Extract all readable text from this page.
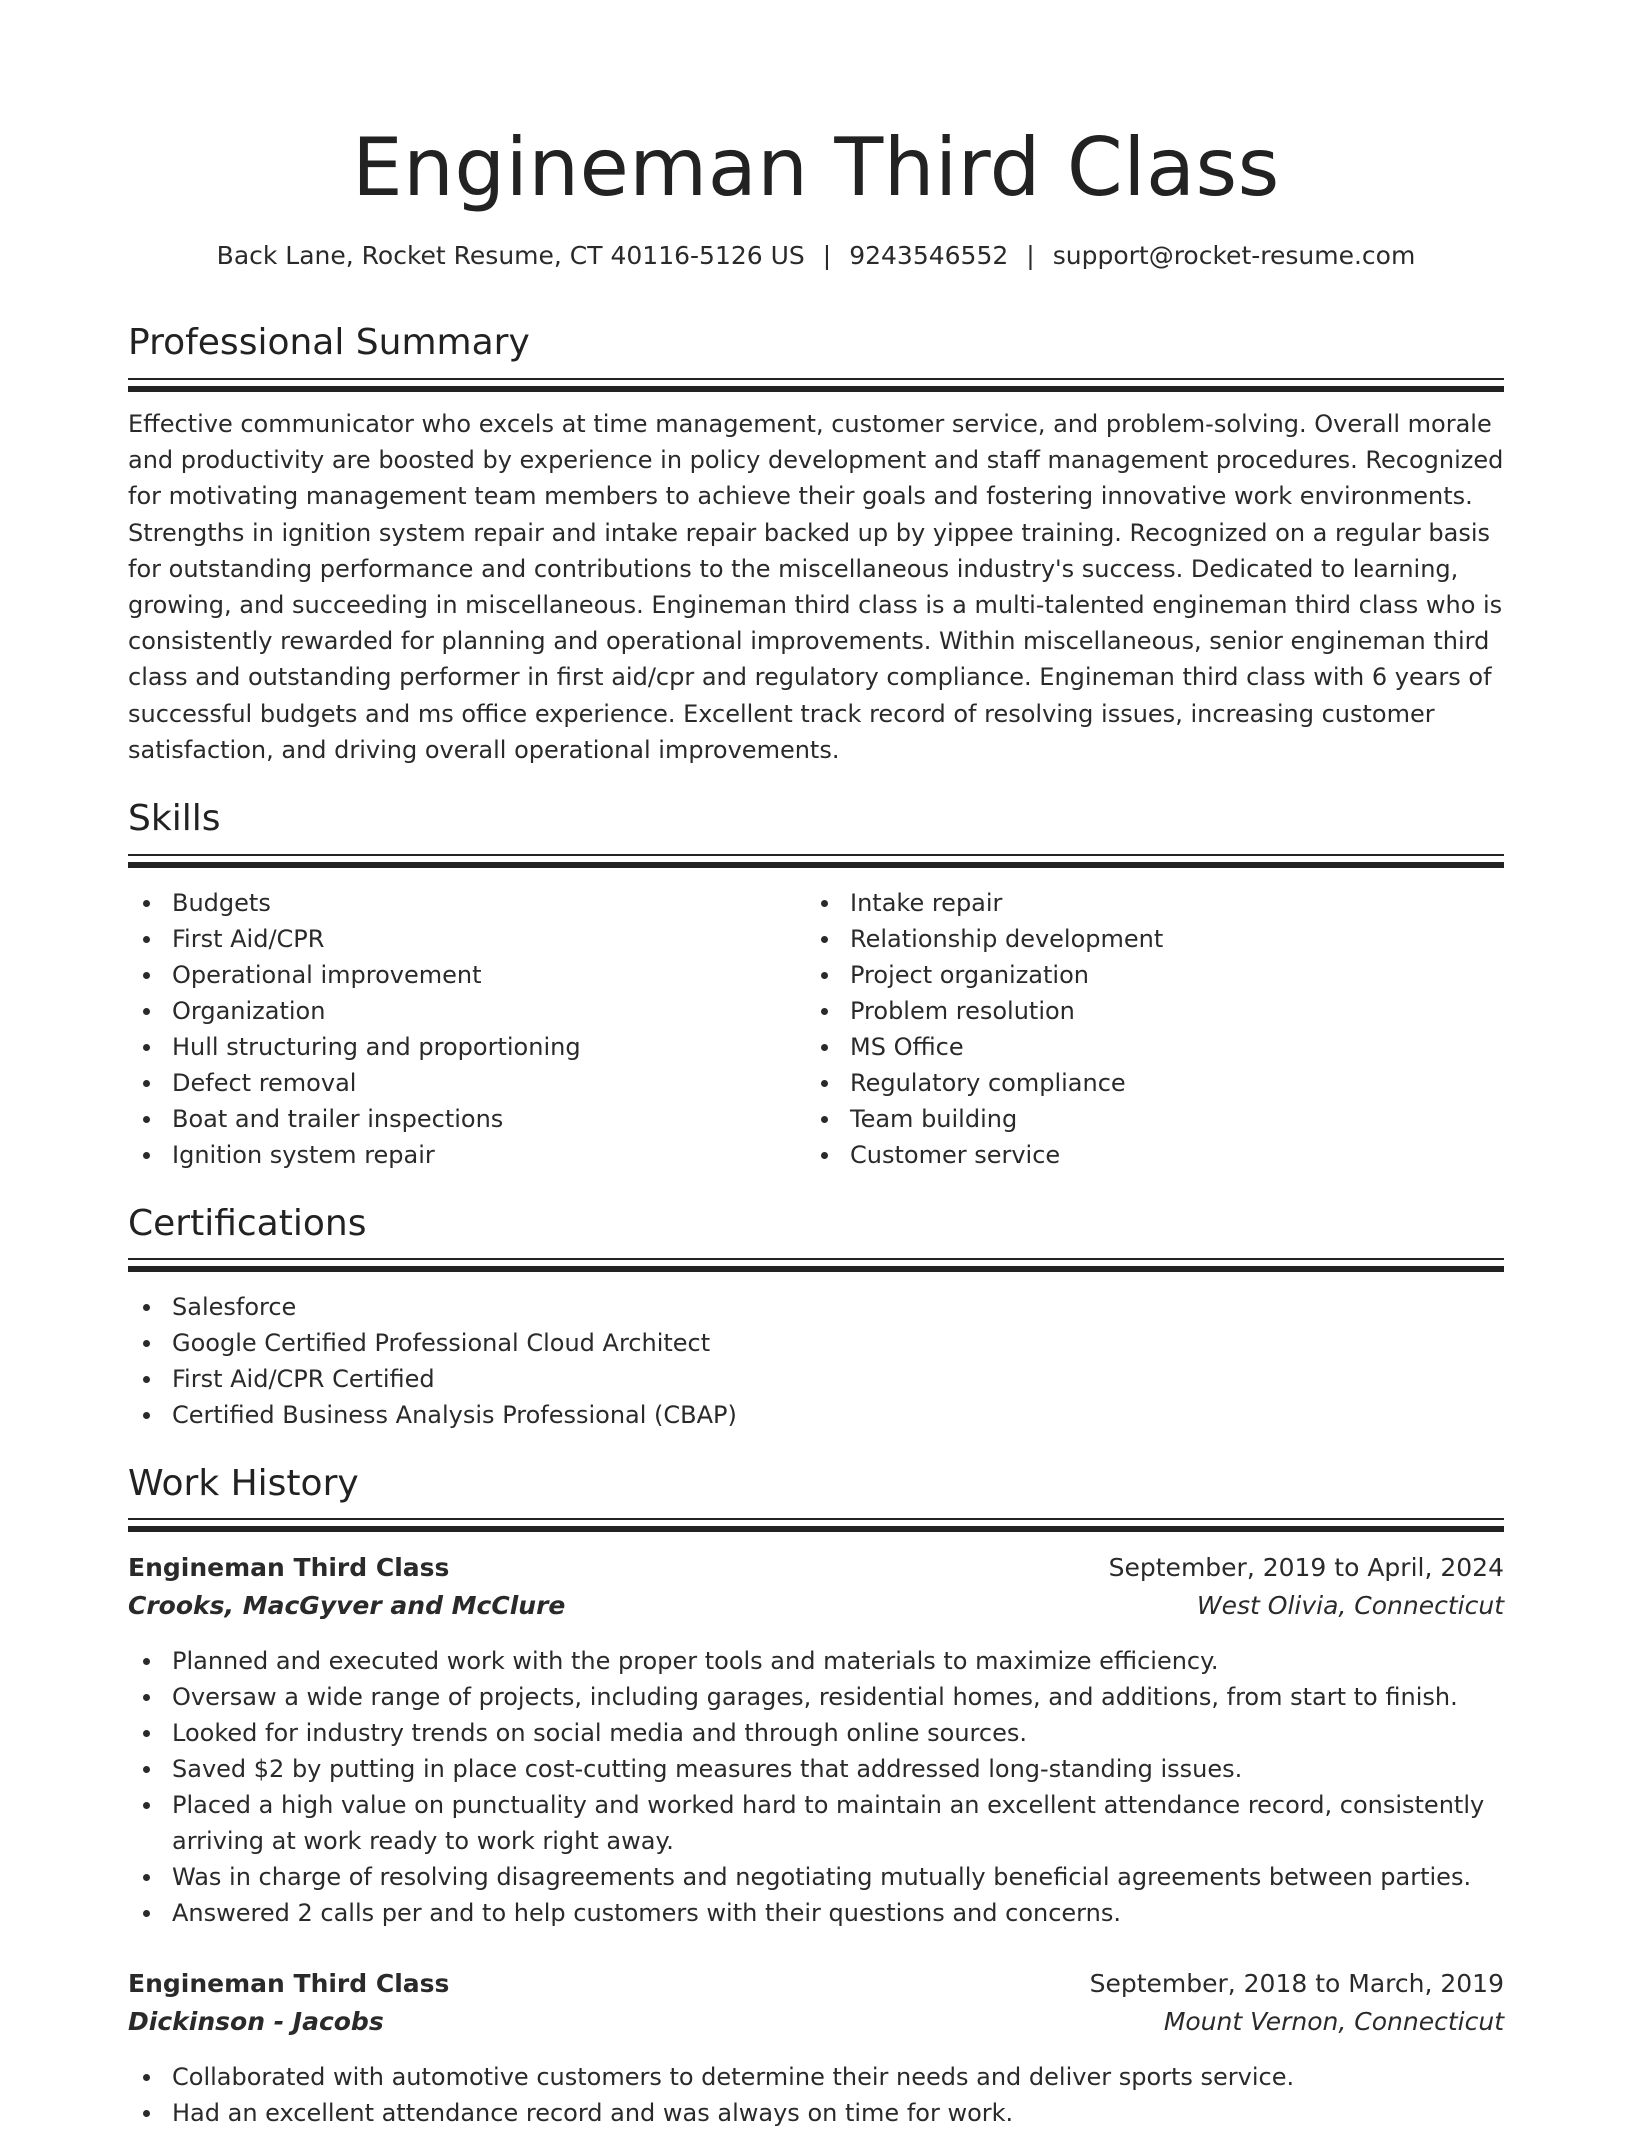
Engineman Third Class
Back Lane, Rocket Resume, CT 40116-5126 US | 9243546552 | support@rocket-resume.com
Professional Summary

Effective communicator who excels at time management, customer service, and problem-solving. Overall morale and productivity are boosted by experience in policy development and staff management procedures. Recognized for motivating management team members to achieve their goals and fostering innovative work environments. Strengths in ignition system repair and intake repair backed up by yippee training. Recognized on a regular basis for outstanding performance and contributions to the miscellaneous industry's success. Dedicated to learning, growing, and succeeding in miscellaneous. Engineman third class is a multi-talented engineman third class who is consistently rewarded for planning and operational improvements. Within miscellaneous, senior engineman third class and outstanding performer in first aid/cpr and regulatory compliance. Engineman third class with 6 years of successful budgets and ms office experience. Excellent track record of resolving issues, increasing customer satisfaction, and driving overall operational improvements.

Skills
Budgets
First Aid/CPR
Operational improvement
Organization
Hull structuring and proportioning
Defect removal
Boat and trailer inspections
Ignition system repair
Intake repair
Relationship development
Project organization
Problem resolution
MS Office
Regulatory compliance
Team building
Customer service
Certifications
Salesforce
Google Certified Professional Cloud Architect
First Aid/CPR Certified
Certified Business Analysis Professional (CBAP)
Work History
Engineman Third Class	September, 2019 to April, 2024
Crooks, MacGyver and McClure	West Olivia, Connecticut
Planned and executed work with the proper tools and materials to maximize efficiency.
Oversaw a wide range of projects, including garages, residential homes, and additions, from start to finish.
Looked for industry trends on social media and through online sources.
Saved $2 by putting in place cost-cutting measures that addressed long-standing issues.
Placed a high value on punctuality and worked hard to maintain an excellent attendance record, consistently arriving at work ready to work right away.
Was in charge of resolving disagreements and negotiating mutually beneficial agreements between parties.
Answered 2 calls per and to help customers with their questions and concerns.
Engineman Third Class	September, 2018 to March, 2019
Dickinson - Jacobs	Mount Vernon, Connecticut
Collaborated with automotive customers to determine their needs and deliver sports service.
Had an excellent attendance record and was always on time for work.
